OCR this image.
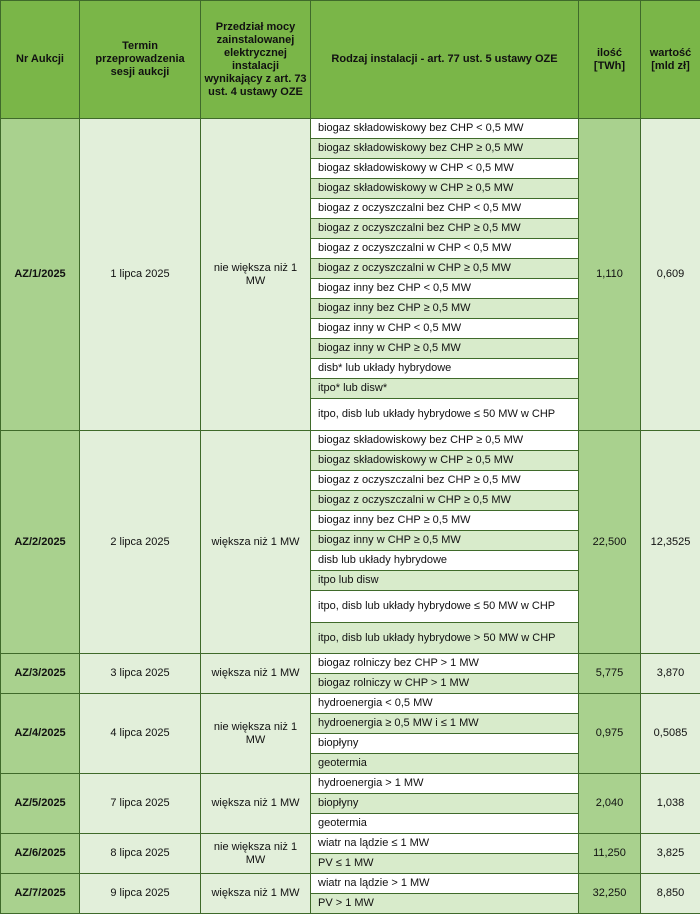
Nr Aukcji	Termin przeprowadzenia sesji aukcji	Przedział mocy zainstalowanej elektrycznej instalacji wynikający z art. 73 ust. 4 ustawy OZE	Rodzaj instalacji - art. 77 ust. 5 ustawy OZE	ilość [TWh]	wartość [mld zł]

AZ/1/2025	1 lipca 2025	nie większa niż 1 MW	biogaz składowiskowy bez CHP < 0,5 MW	1,110	0,609
			biogaz składowiskowy bez CHP ≥ 0,5 MW		
			biogaz składowiskowy w CHP < 0,5 MW		
			biogaz składowiskowy w CHP ≥ 0,5 MW		
			biogaz z oczyszczalni bez CHP < 0,5 MW		
			biogaz z oczyszczalni bez CHP ≥ 0,5 MW		
			biogaz z oczyszczalni w CHP < 0,5 MW		
			biogaz z oczyszczalni w CHP ≥ 0,5 MW		
			biogaz inny bez CHP < 0,5 MW		
			biogaz inny bez CHP ≥ 0,5 MW		
			biogaz inny w CHP < 0,5 MW		
			biogaz inny w CHP ≥ 0,5 MW		
			disb* lub układy hybrydowe		
			itpo* lub disw*		
			itpo, disb lub układy hybrydowe ≤ 50 MW w CHP		
AZ/2/2025	2 lipca 2025	większa niż 1 MW	biogaz składowiskowy bez CHP ≥ 0,5 MW	22,500	12,3525
			biogaz składowiskowy w CHP ≥ 0,5 MW		
			biogaz z oczyszczalni bez CHP ≥ 0,5 MW		
			biogaz z oczyszczalni w CHP ≥ 0,5 MW		
			biogaz inny bez CHP ≥ 0,5 MW		
			biogaz inny w CHP ≥ 0,5 MW		
			disb lub układy hybrydowe		
			itpo lub disw		
			itpo, disb lub układy hybrydowe ≤ 50 MW w CHP		
			itpo, disb lub układy hybrydowe > 50 MW w CHP		
AZ/3/2025	3 lipca 2025	większa niż 1 MW	biogaz rolniczy bez CHP > 1 MW	5,775	3,870
			biogaz rolniczy w CHP > 1 MW		
AZ/4/2025	4 lipca 2025	nie większa niż 1 MW	hydroenergia < 0,5 MW	0,975	0,5085
			hydroenergia ≥ 0,5 MW i ≤ 1 MW		
			biopłyny		
			geotermia		
AZ/5/2025	7 lipca 2025	większa niż 1 MW	hydroenergia > 1 MW	2,040	1,038
			biopłyny		
			geotermia		
AZ/6/2025	8 lipca 2025	nie większa niż 1 MW	wiatr na lądzie ≤ 1 MW	11,250	3,825
			PV ≤ 1 MW		
AZ/7/2025	9 lipca 2025	większa niż 1 MW	wiatr na lądzie > 1 MW	32,250	8,850
			PV > 1 MW		
